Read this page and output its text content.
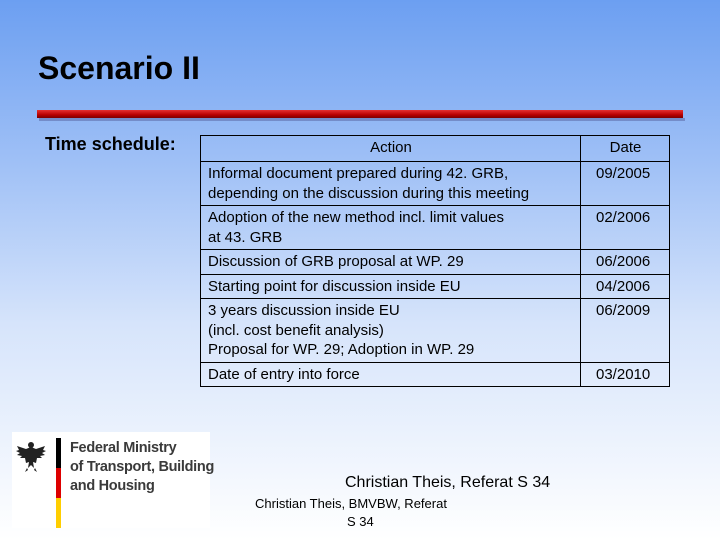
Scenario II
Time schedule:	Action	Date
Informal document prepared during 42. GRB,
depending on the discussion during this meeting	09/2005
Adoption of the new method incl. limit values
at 43. GRB	02/2006
Discussion of GRB proposal at WP. 29	06/2006
Starting point for discussion inside EU	04/2006
3 years discussion inside EU
(incl. cost benefit analysis)
Proposal for WP. 29; Adoption in WP. 29	06/2009
Date of entry into force	03/2010
Federal Ministry
of Transport, Building
and Housing	Christian Theis, Referat S 34
Christian Theis, BMVBW, Referat
S 34
